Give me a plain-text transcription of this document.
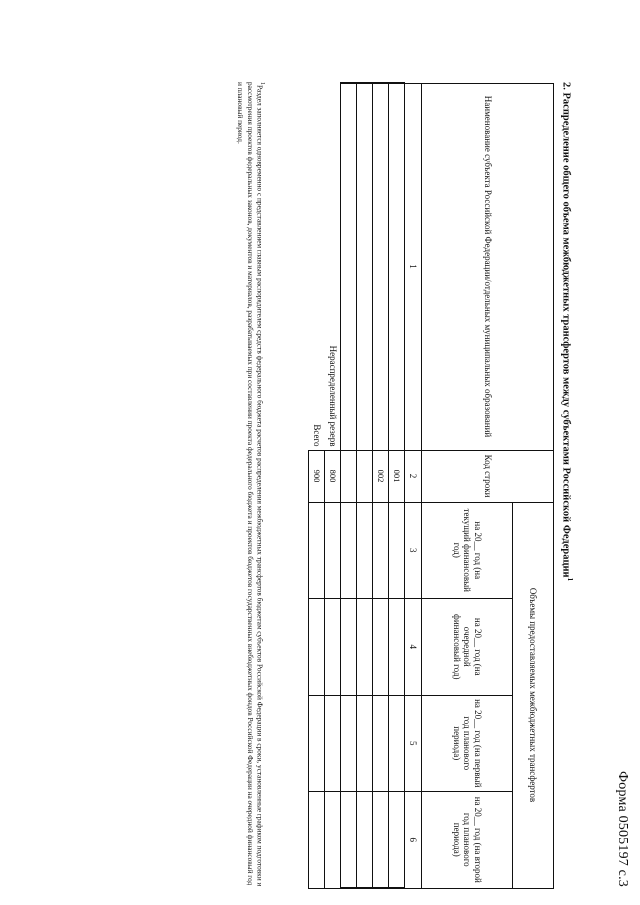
Форма 0505197 с.3
2. Распределение общего объема межбюджетных трансфертов между субъектами Российской Федерации$^1$
Наименование субъекта Российской Федерации/отдельных муниципальных образований	Код строки	Объемы предоставляемых межбюджетных трансфертов			
		на 20__ год (на текущий финансовый год)	на 20__ год (на очередной финансовый год)	на 20__ год (на первый год планового периода)	на 20__ год (на второй год планового периода)
1	2	3	4	5	6
	001				
	002				

Нераспределенный резерв	800				
Всего	900				
$^1$Раздел заполняется одновременно с представлением главным распорядителем средств федерального бюджета расчетов распределения межбюджетных трансфертов бюджетам субъектов Российской Федерации в сроки, установленные графиком подготовки и рассмотрения проектов федеральных законов, документов и материалов, разрабатываемых при составлении проекта федерального бюджета и проектов бюджетов государственных внебюджетных фондов Российской Федерации на очередной финансовый год и плановый период.
